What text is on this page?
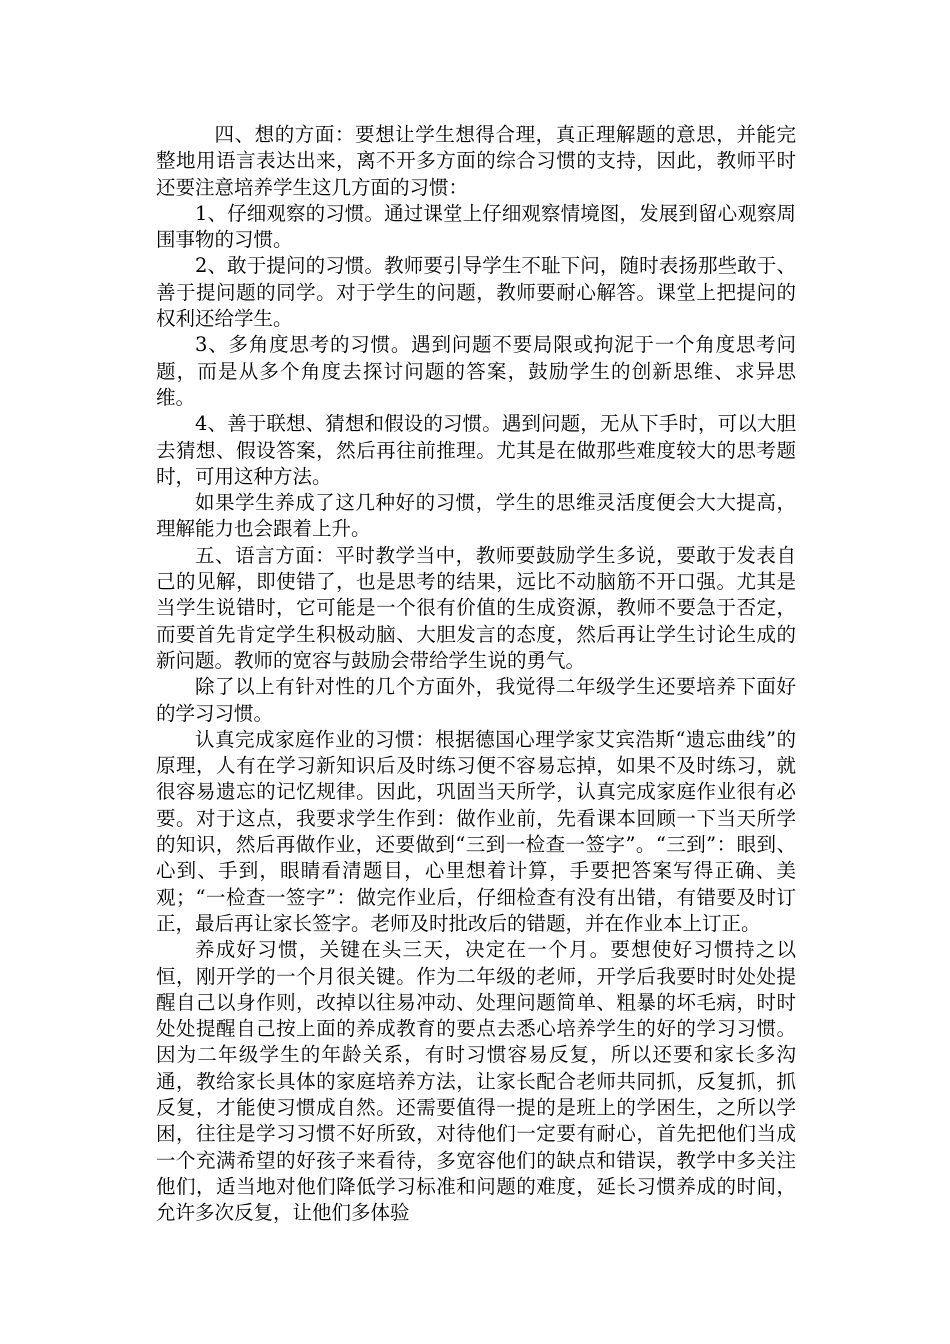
四、想的方面：要想让学生想得合理，真正理解题的意思，并能完整地用语言表达出来，离不开多方面的综合习惯的支持，因此，教师平时还要注意培养学生这几方面的习惯：

1、仔细观察的习惯。通过课堂上仔细观察情境图，发展到留心观察周围事物的习惯。

2、敢于提问的习惯。教师要引导学生不耻下问，随时表扬那些敢于、善于提问题的同学。对于学生的问题，教师要耐心解答。课堂上把提问的权利还给学生。

3、多角度思考的习惯。遇到问题不要局限或拘泥于一个角度思考问题，而是从多个角度去探讨问题的答案，鼓励学生的创新思维、求异思维。

4、善于联想、猜想和假设的习惯。遇到问题，无从下手时，可以大胆去猜想、假设答案，然后再往前推理。尤其是在做那些难度较大的思考题时，可用这种方法。

如果学生养成了这几种好的习惯，学生的思维灵活度便会大大提高，理解能力也会跟着上升。

五、语言方面：平时教学当中，教师要鼓励学生多说，要敢于发表自己的见解，即使错了，也是思考的结果，远比不动脑筋不开口强。尤其是当学生说错时，它可能是一个很有价值的生成资源，教师不要急于否定，而要首先肯定学生积极动脑、大胆发言的态度，然后再让学生讨论生成的新问题。教师的宽容与鼓励会带给学生说的勇气。

除了以上有针对性的几个方面外，我觉得二年级学生还要培养下面好的学习习惯。

认真完成家庭作业的习惯：根据德国心理学家艾宾浩斯“遗忘曲线”的原理，人有在学习新知识后及时练习便不容易忘掉，如果不及时练习，就很容易遗忘的记忆规律。因此，巩固当天所学，认真完成家庭作业很有必要。对于这点，我要求学生作到：做作业前，先看课本回顾一下当天所学的知识，然后再做作业，还要做到“三到一检查一签字”。“三到”：眼到、心到、手到，眼睛看清题目，心里想着计算，手要把答案写得正确、美观；“一检查一签字”：做完作业后，仔细检查有没有出错，有错要及时订正，最后再让家长签字。老师及时批改后的错题，并在作业本上订正。

养成好习惯，关键在头三天，决定在一个月。要想使好习惯持之以恒，刚开学的一个月很关键。作为二年级的老师，开学后我要时时处处提醒自己以身作则，改掉以往易冲动、处理问题简单、粗暴的坏毛病，时时处处提醒自己按上面的养成教育的要点去悉心培养学生的好的学习习惯。因为二年级学生的年龄关系，有时习惯容易反复，所以还要和家长多沟通，教给家长具体的家庭培养方法，让家长配合老师共同抓，反复抓，抓反复，才能使习惯成自然。还需要值得一提的是班上的学困生，之所以学困，往往是学习习惯不好所致，对待他们一定要有耐心，首先把他们当成一个充满希望的好孩子来看待，多宽容他们的缺点和错误，教学中多关注他们，适当地对他们降低学习标准和问题的难度，延长习惯养成的时间，允许多次反复，让他们多体验
